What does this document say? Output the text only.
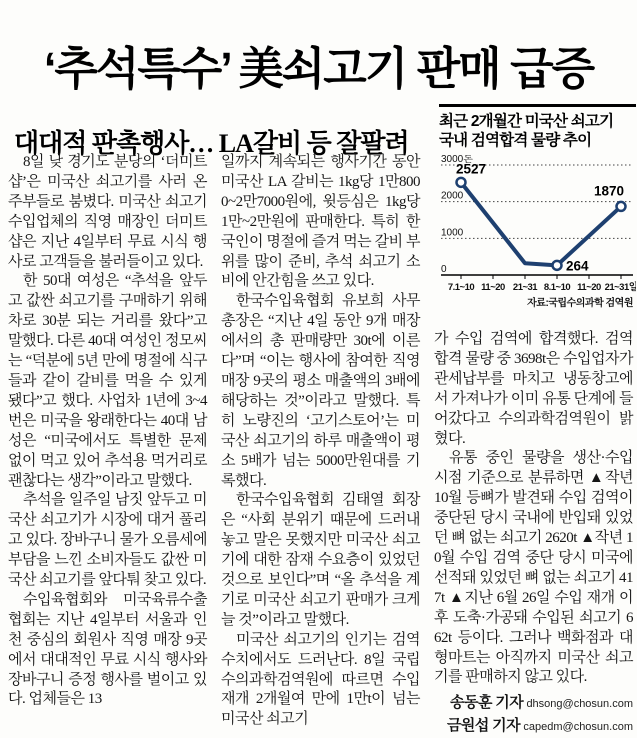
‘추석특수’ 美쇠고기 판매 급증
대대적 판촉행사… LA갈비 등 잘팔려
최근 2개월간 미국산 쇠고기
국내 검역합격 물량 추이
3000톤
2000
1000
0
7.1~10 11~20 21~31 8.1~10 11~20 21~31일
2527
264
1870
자료:국립수의과학 검역원

8일 낮 경기도 분당의 ‘더미트샵’은 미국산 쇠고기를 사러 온 주부들로 붐볐다. 미국산 쇠고기 수입업체의 직영 매장인 더미트샵은 지난 4일부터 무료 시식 행사로 고객들을 불러들이고 있다.

한 50대 여성은 “추석을 앞두고 값싼 쇠고기를 구매하기 위해 차로 30분 되는 거리를 왔다”고 말했다. 다른 40대 여성인 정모씨는 “덕분에 5년 만에 명절에 식구들과 같이 갈비를 먹을 수 있게 됐다”고 했다. 사업차 1년에 3~4번은 미국을 왕래한다는 40대 남성은 “미국에서도 특별한 문제 없이 먹고 있어 추석용 먹거리로 괜찮다는 생각”이라고 말했다.

추석을 일주일 남짓 앞두고 미국산 쇠고기가 시장에 대거 풀리고 있다. 장바구니 물가 오름세에 부담을 느낀 소비자들도 값싼 미국산 쇠고기를 앞다퉈 찾고 있다.

수입육협회와 미국육류수출협회는 지난 4일부터 서울과 인천 중심의 회원사 직영 매장 9곳에서 대대적인 무료 시식 행사와 장바구니 증정 행사를 벌이고 있다. 업체들은 13

일까지 계속되는 행사기간 동안 미국산 LA 갈비는 1kg당 1만8000~2만7000원에, 윗등심은 1kg당 1만~2만원에 판매한다. 특히 한국인이 명절에 즐겨 먹는 갈비 부위를 많이 준비, 추석 쇠고기 소비에 안간힘을 쓰고 있다.

한국수입육협회 유보희 사무총장은 “지난 4일 동안 9개 매장에서의 총 판매량만 30t에 이른다”며 “이는 행사에 참여한 직영 매장 9곳의 평소 매출액의 3배에 해당하는 것”이라고 말했다. 특히 노량진의 ‘고기스토어’는 미국산 쇠고기의 하루 매출액이 평소 5배가 넘는 5000만원대를 기록했다.

한국수입육협회 김태열 회장은 “사회 분위기 때문에 드러내놓고 말은 못했지만 미국산 쇠고기에 대한 잠재 수요층이 있었던 것으로 보인다”며 “올 추석을 계기로 미국산 쇠고기 판매가 크게 늘 것”이라고 말했다.

미국산 쇠고기의 인기는 검역 수치에서도 드러난다. 8일 국립수의과학검역원에 따르면 수입 재개 2개월여 만에 1만t이 넘는 미국산 쇠고기

가 수입 검역에 합격했다. 검역 합격 물량 중 3698t은 수입업자가 관세납부를 마치고 냉동창고에서 가져나가 이미 유통 단계에 들어갔다고 수의과학검역원이 밝혔다.

유통 중인 물량을 생산·수입 시점 기준으로 분류하면 ▲작년 10월 등뼈가 발견돼 수입 검역이 중단된 당시 국내에 반입돼 있었던 뼈 없는 쇠고기 2620t ▲작년 10월 수입 검역 중단 당시 미국에 선적돼 있었던 뼈 없는 쇠고기 417t ▲지난 6월 26일 수입 재개 이후 도축·가공돼 수입된 쇠고기 662t 등이다. 그러나 백화점과 대형마트는 아직까지 미국산 쇠고기를 판매하지 않고 있다.

송동훈 기자 dhsong@chosun.com
금원섭 기자 capedm@chosun.com
